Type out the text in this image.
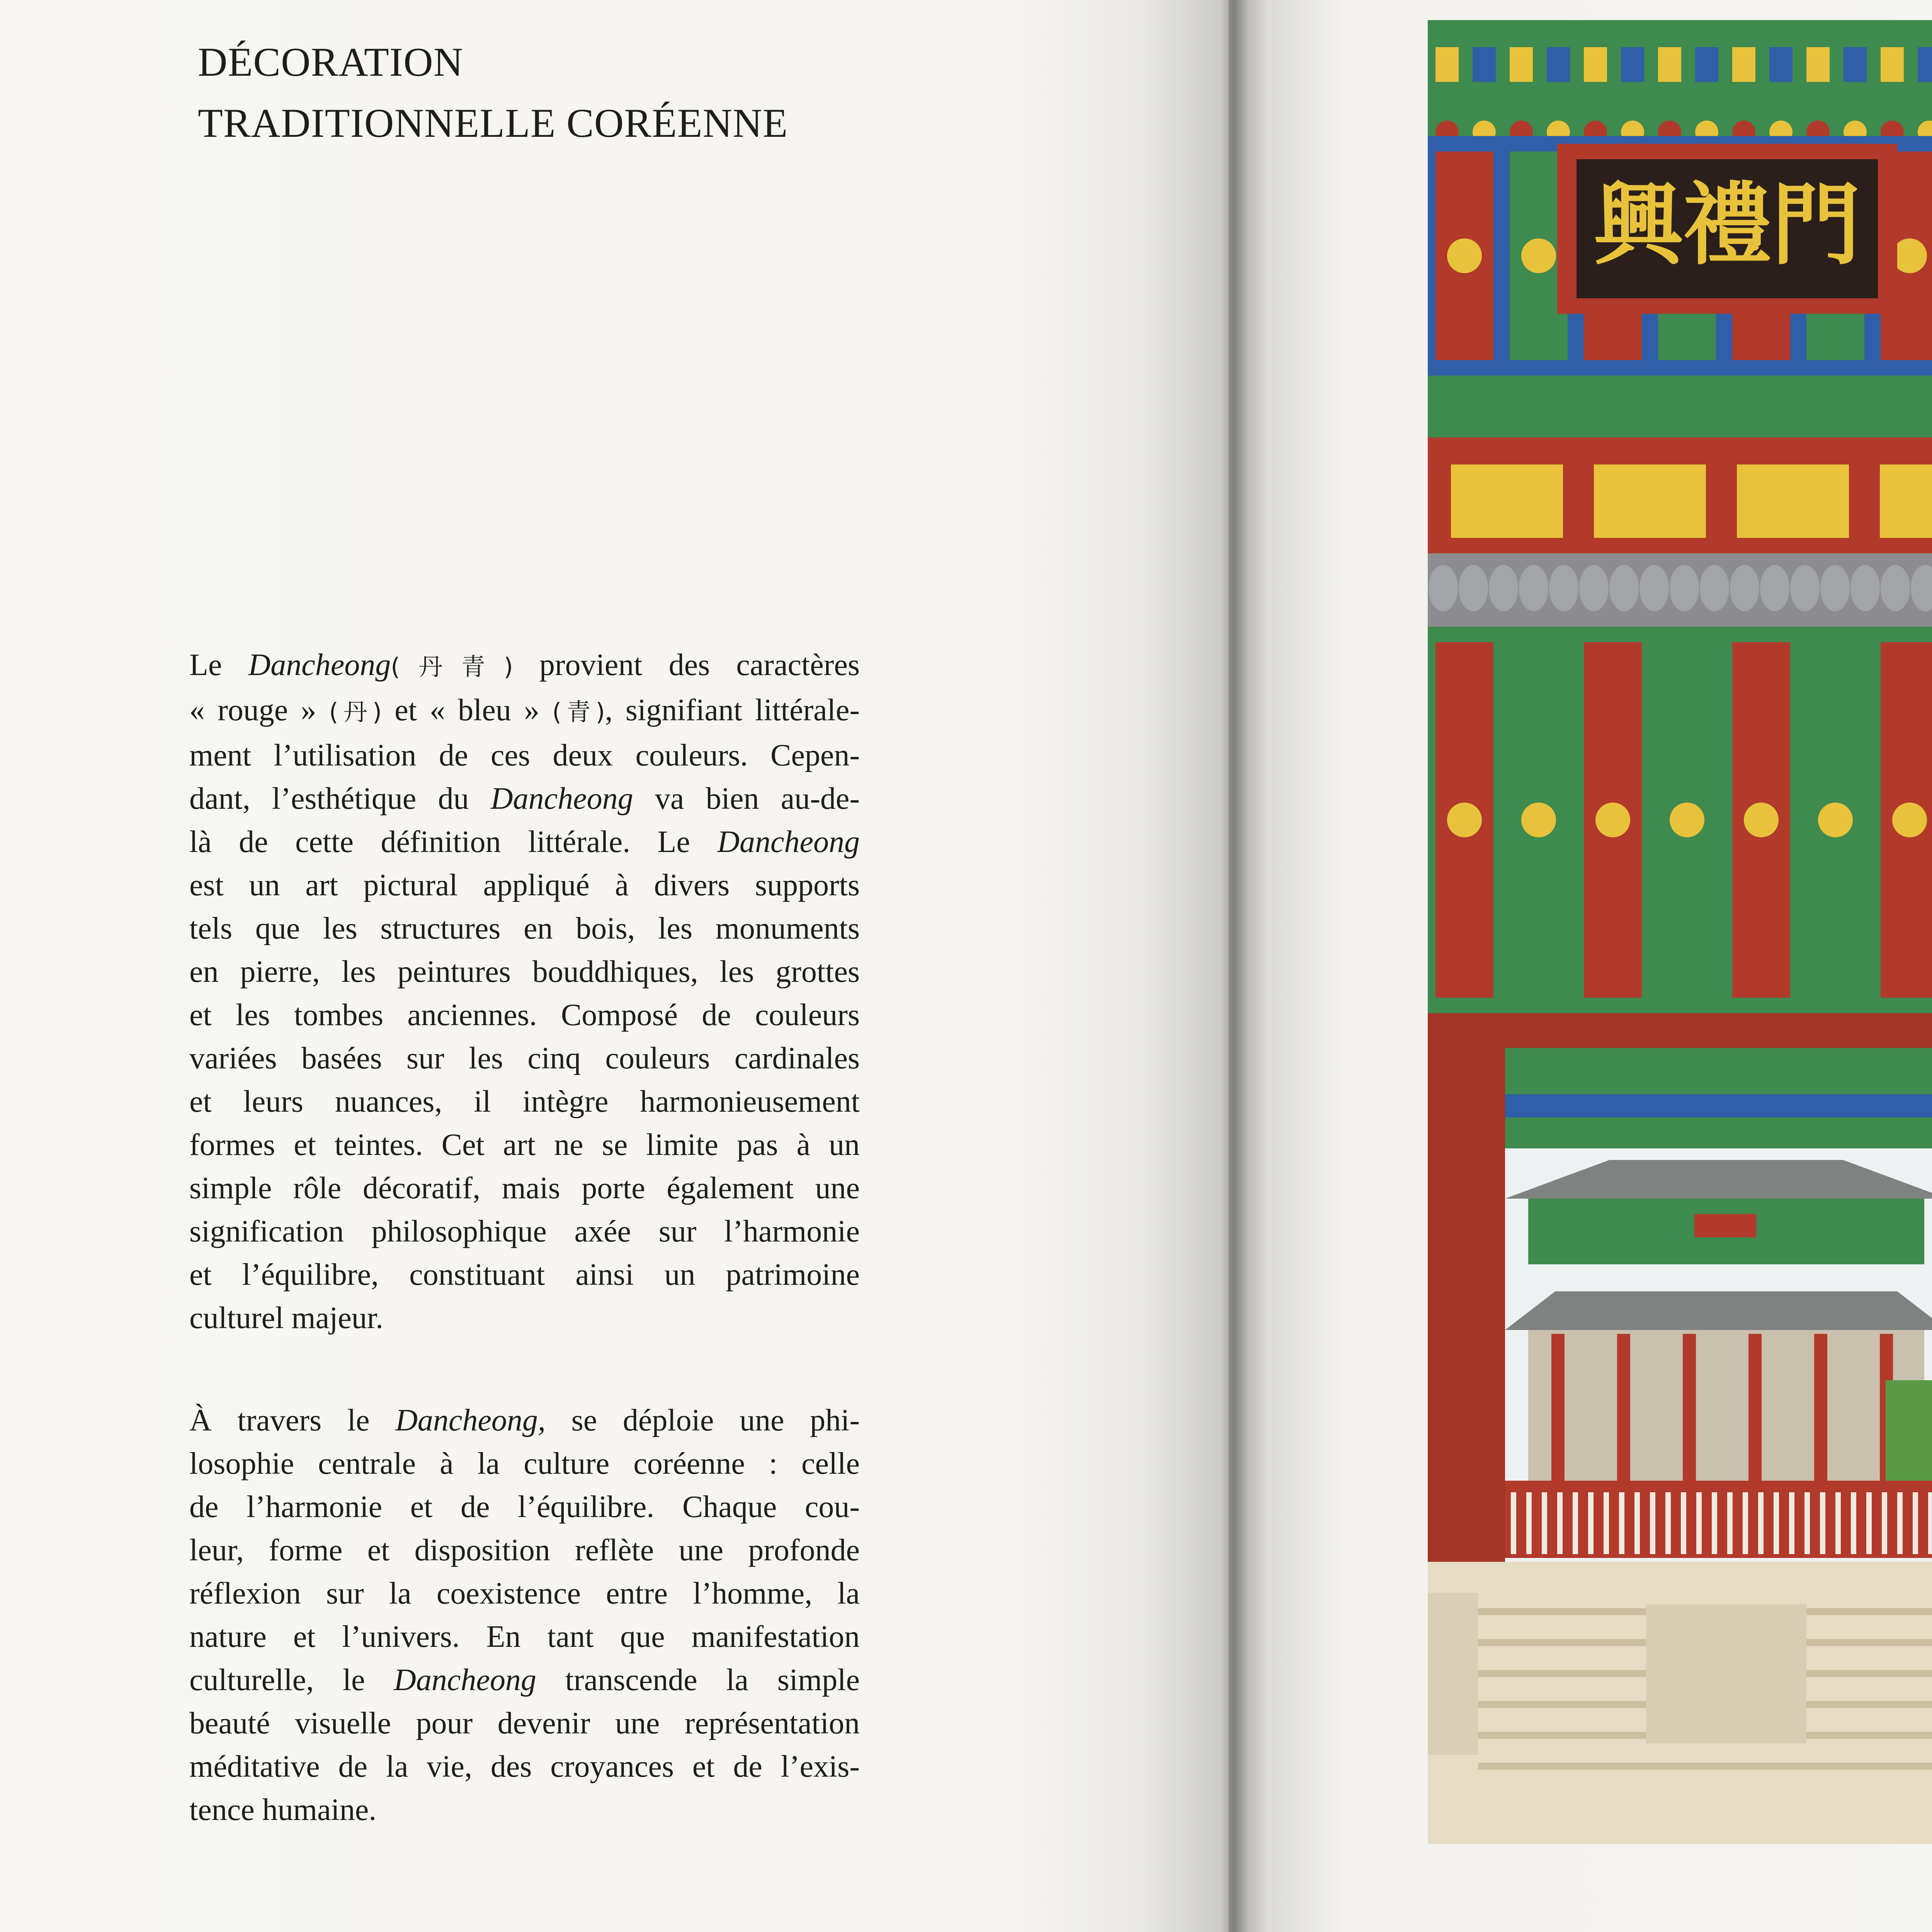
DÉCORATION
TRADITIONNELLE CORÉENNE

Le Dancheong(丹青) provient des caractères
« rouge » (丹) et « bleu » (青), signifiant littérale-
ment l’utilisation de ces deux couleurs. Cepen-
dant, l’esthétique du Dancheong va bien au-de-
là de cette définition littérale. Le Dancheong
est un art pictural appliqué à divers supports
tels que les structures en bois, les monuments
en pierre, les peintures bouddhiques, les grottes
et les tombes anciennes. Composé de couleurs
variées basées sur les cinq couleurs cardinales
et leurs nuances, il intègre harmonieusement
formes et teintes. Cet art ne se limite pas à un
simple rôle décoratif, mais porte également une
signification philosophique axée sur l’harmonie
et l’équilibre, constituant ainsi un patrimoine
culturel majeur.

À travers le Dancheong, se déploie une phi-
losophie centrale à la culture coréenne : celle
de l’harmonie et de l’équilibre. Chaque cou-
leur, forme et disposition reflète une profonde
réflexion sur la coexistence entre l’homme, la
nature et l’univers. En tant que manifestation
culturelle, le Dancheong transcende la simple
beauté visuelle pour devenir une représentation
méditative de la vie, des croyances et de l’exis-
tence humaine.

興禮門
